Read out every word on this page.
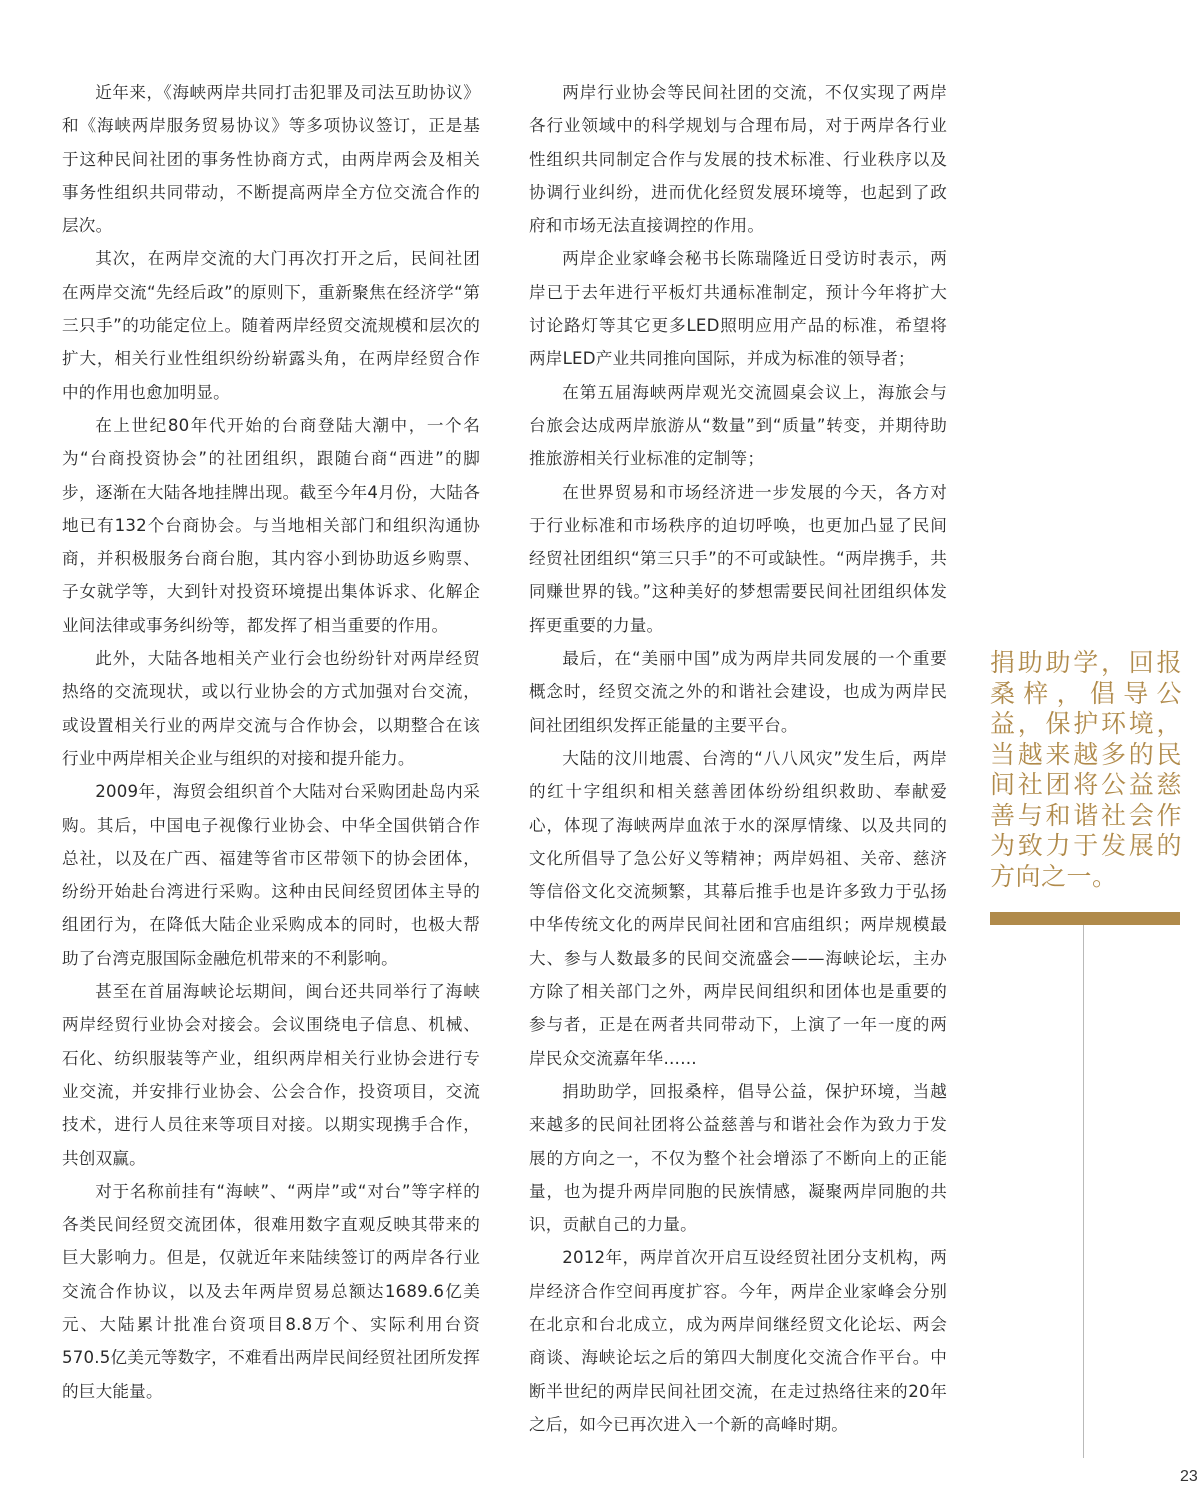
近年来，《海峡两岸共同打击犯罪及司法互助协议》和《海峡两岸服务贸易协议》等多项协议签订，正是基于这种民间社团的事务性协商方式，由两岸两会及相关事务性组织共同带动，不断提高两岸全方位交流合作的层次。

其次，在两岸交流的大门再次打开之后，民间社团在两岸交流“先经后政”的原则下，重新聚焦在经济学“第三只手”的功能定位上。随着两岸经贸交流规模和层次的扩大，相关行业性组织纷纷崭露头角，在两岸经贸合作中的作用也愈加明显。

在上世纪80年代开始的台商登陆大潮中，一个名为“台商投资协会”的社团组织，跟随台商“西进”的脚步，逐渐在大陆各地挂牌出现。截至今年4月份，大陆各地已有132个台商协会。与当地相关部门和组织沟通协商，并积极服务台商台胞，其内容小到协助返乡购票、子女就学等，大到针对投资环境提出集体诉求、化解企业间法律或事务纠纷等，都发挥了相当重要的作用。

此外，大陆各地相关产业行会也纷纷针对两岸经贸热络的交流现状，或以行业协会的方式加强对台交流，或设置相关行业的两岸交流与合作协会，以期整合在该行业中两岸相关企业与组织的对接和提升能力。

2009年，海贸会组织首个大陆对台采购团赴岛内采购。其后，中国电子视像行业协会、中华全国供销合作总社，以及在广西、福建等省市区带领下的协会团体，纷纷开始赴台湾进行采购。这种由民间经贸团体主导的组团行为，在降低大陆企业采购成本的同时，也极大帮助了台湾克服国际金融危机带来的不利影响。

甚至在首届海峡论坛期间，闽台还共同举行了海峡两岸经贸行业协会对接会。会议围绕电子信息、机械、石化、纺织服装等产业，组织两岸相关行业协会进行专业交流，并安排行业协会、公会合作，投资项目，交流技术，进行人员往来等项目对接。以期实现携手合作，共创双赢。

对于名称前挂有“海峡”、“两岸”或“对台”等字样的各类民间经贸交流团体，很难用数字直观反映其带来的巨大影响力。但是，仅就近年来陆续签订的两岸各行业交流合作协议，以及去年两岸贸易总额达1689.6亿美元、大陆累计批准台资项目8.8万个、实际利用台资570.5亿美元等数字，不难看出两岸民间经贸社团所发挥的巨大能量。

两岸行业协会等民间社团的交流，不仅实现了两岸各行业领域中的科学规划与合理布局，对于两岸各行业性组织共同制定合作与发展的技术标准、行业秩序以及协调行业纠纷，进而优化经贸发展环境等，也起到了政府和市场无法直接调控的作用。

两岸企业家峰会秘书长陈瑞隆近日受访时表示，两岸已于去年进行平板灯共通标准制定，预计今年将扩大讨论路灯等其它更多LED照明应用产品的标准，希望将两岸LED产业共同推向国际，并成为标准的领导者；

在第五届海峡两岸观光交流圆桌会议上，海旅会与台旅会达成两岸旅游从“数量”到“质量”转变，并期待助推旅游相关行业标准的定制等；

在世界贸易和市场经济进一步发展的今天，各方对于行业标准和市场秩序的迫切呼唤，也更加凸显了民间经贸社团组织“第三只手”的不可或缺性。“两岸携手，共同赚世界的钱。”这种美好的梦想需要民间社团组织体发挥更重要的力量。

最后，在“美丽中国”成为两岸共同发展的一个重要概念时，经贸交流之外的和谐社会建设，也成为两岸民间社团组织发挥正能量的主要平台。

大陆的汶川地震、台湾的“八八风灾”发生后，两岸的红十字组织和相关慈善团体纷纷组织救助、奉献爱心，体现了海峡两岸血浓于水的深厚情缘、以及共同的文化所倡导了急公好义等精神；两岸妈祖、关帝、慈济等信俗文化交流频繁，其幕后推手也是许多致力于弘扬中华传统文化的两岸民间社团和宫庙组织；两岸规模最大、参与人数最多的民间交流盛会——海峡论坛，主办方除了相关部门之外，两岸民间组织和团体也是重要的参与者，正是在两者共同带动下，上演了一年一度的两岸民众交流嘉年华……

捐助助学，回报桑梓，倡导公益，保护环境，当越来越多的民间社团将公益慈善与和谐社会作为致力于发展的方向之一，不仅为整个社会增添了不断向上的正能量，也为提升两岸同胞的民族情感，凝聚两岸同胞的共识，贡献自己的力量。

2012年，两岸首次开启互设经贸社团分支机构，两岸经济合作空间再度扩容。今年，两岸企业家峰会分别在北京和台北成立，成为两岸间继经贸文化论坛、两会商谈、海峡论坛之后的第四大制度化交流合作平台。中断半世纪的两岸民间社团交流，在走过热络往来的20年之后，如今已再次进入一个新的高峰时期。

捐助助学，回报桑梓，倡导公益，保护环境，当越来越多的民间社团将公益慈善与和谐社会作为致力于发展的方向之一。
23
